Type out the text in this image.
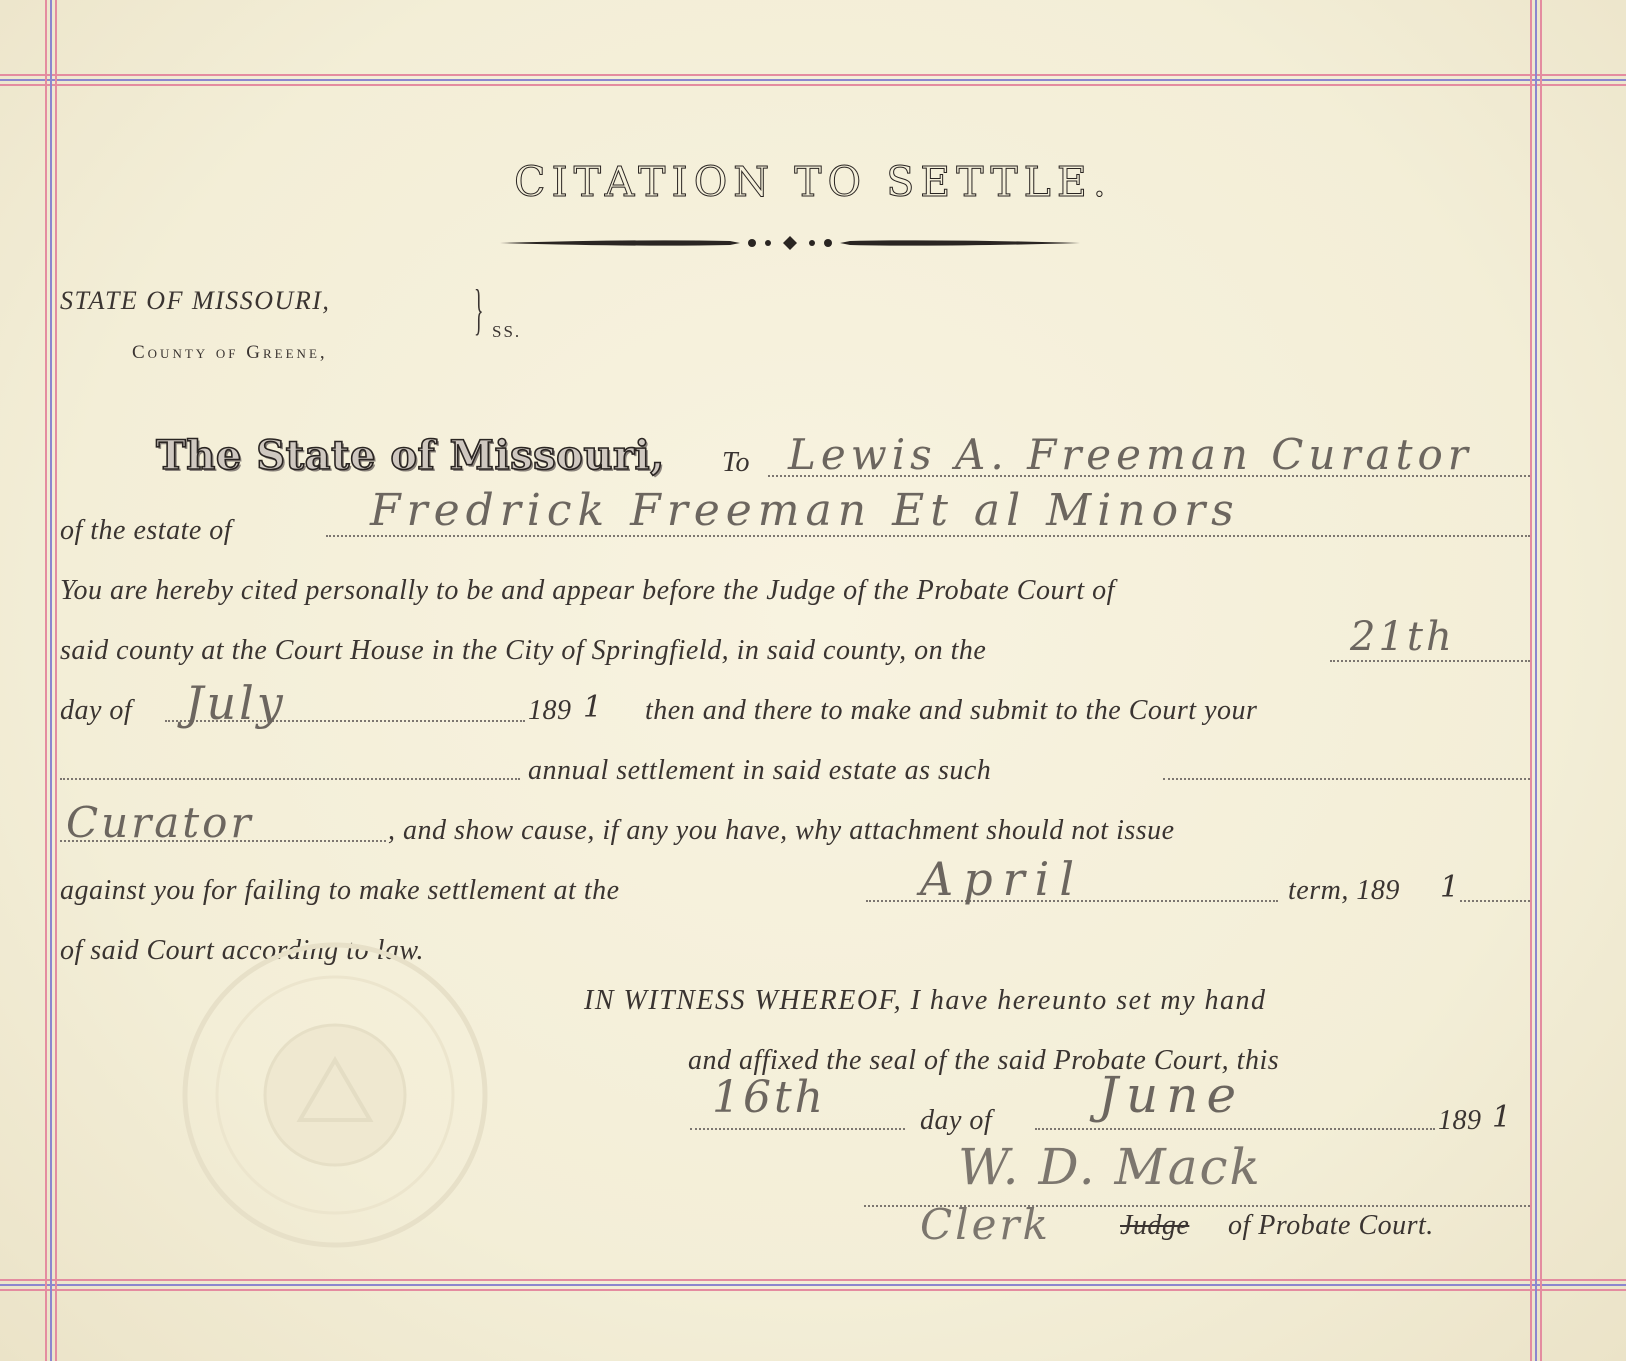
CITATION TO SETTLE.
STATE OF MISSOURI,
County of Greene,
} SS.
The State of Missouri, To Lewis A. Freeman Curator
of the estate of	Fredrick Freeman Et al Minors
You are hereby cited personally to be and appear before the Judge of the Probate Court of
said county at the Court House in the City of Springfield, in said county, on the	21th
day of July	189 1 then and there to make and submit to the Court your
annual settlement in said estate as such
Curator	, and show cause, if any you have, why attachment should not issue
against you for failing to make settlement at the	April	term, 189 1
of said Court according to law.
IN WITNESS WHEREOF, I have hereunto set my hand
and affixed the seal of the said Probate Court, this
16th	day of June	189 1
W. D. Mack
Clerk Judge of Probate Court.
